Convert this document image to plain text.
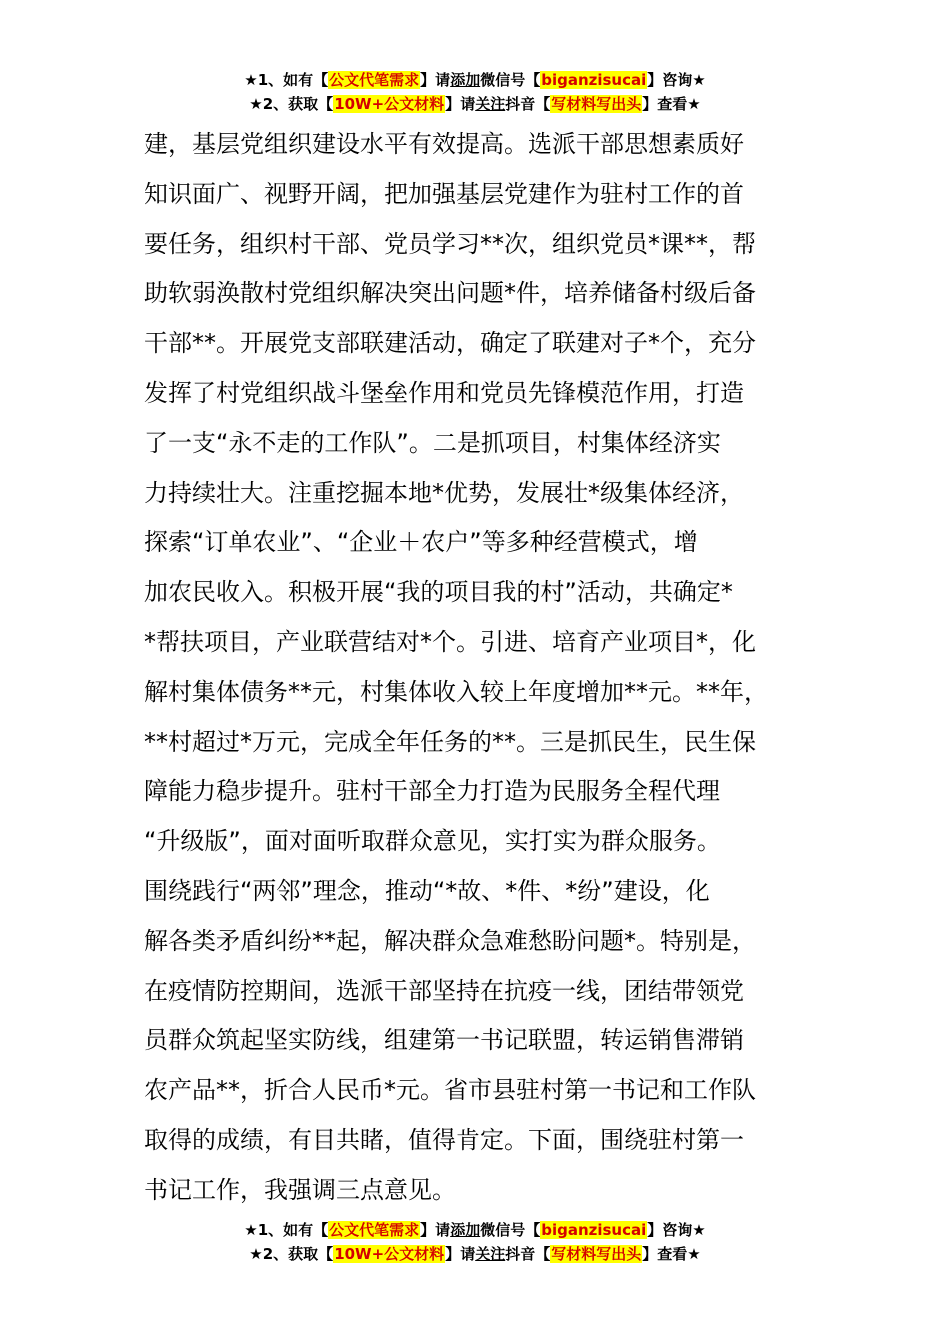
★1、如有【公文代笔需求】请添加微信号【biganzisucai】咨询★
★2、获取【10W+公文材料】请关注抖音【写材料写出头】查看★
建，基层党组织建设水平有效提高。选派干部思想素质好
知识面广、视野开阔，把加强基层党建作为驻村工作的首
要任务，组织村干部、党员学习**次，组织党员*课**，帮
助软弱涣散村党组织解决突出问题*件，培养储备村级后备
干部**。开展党支部联建活动，确定了联建对子*个，充分
发挥了村党组织战斗堡垒作用和党员先锋模范作用，打造
了一支“永不走的工作队”。二是抓项目，村集体经济实
力持续壮大。注重挖掘本地*优势，发展壮*级集体经济，
探索“订单农业”、“企业＋农户”等多种经营模式，增
加农民收入。积极开展“我的项目我的村”活动，共确定*
*帮扶项目，产业联营结对*个。引进、培育产业项目*，化
解村集体债务**元，村集体收入较上年度增加**元。**年，
**村超过*万元，完成全年任务的**。三是抓民生，民生保
障能力稳步提升。驻村干部全力打造为民服务全程代理
“升级版”，面对面听取群众意见，实打实为群众服务。
围绕践行“两邻”理念，推动“*故、*件、*纷”建设，化
解各类矛盾纠纷**起，解决群众急难愁盼问题*。特别是，
在疫情防控期间，选派干部坚持在抗疫一线，团结带领党
员群众筑起坚实防线，组建第一书记联盟，转运销售滞销
农产品**，折合人民币*元。省市县驻村第一书记和工作队
取得的成绩，有目共睹，值得肯定。下面，围绕驻村第一
书记工作，我强调三点意见。
★1、如有【公文代笔需求】请添加微信号【biganzisucai】咨询★
★2、获取【10W+公文材料】请关注抖音【写材料写出头】查看★
